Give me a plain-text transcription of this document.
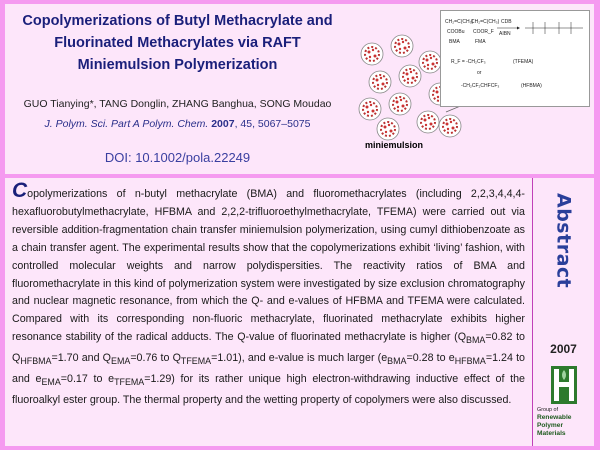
Copolymerizations of Butyl Methacrylate and
Fluorinated Methacrylates via RAFT
Miniemulsion Polymerization
GUO Tianying*, TANG Donglin, ZHANG Banghua, SONG Moudao
J. Polym. Sci. Part A Polym. Chem. 2007, 45, 5067–5075
DOI: 10.1002/pola.22249
CH₂=C(CH₃)
COOBu
BMA
CH₂=C(CH₃)
COOR_F
FMA
CDB
AIBN
R_F = -CH₂CF₃	(TFEMA)
or
-CH₂CF₂CHFCF₃	(HFBMA)
miniemulsion
Copolymerizations of n-butyl methacrylate (BMA) and fluoromethacrylates (including 2,2,3,4,4,4-hexafluorobutylmethacrylate, HFBMA and 2,2,2-trifluoroethylmethacrylate, TFEMA) were carried out via reversible addition-fragmentation chain transfer miniemulsion polymerization, using cumyl dithiobenzoate as a chain transfer agent. The experimental results show that the copolymerizations exhibit ‘living’ fashion, with controlled molecular weights and narrow polydispersities. The reactivity ratios of BMA and fluoromethacrylate in this kind of polymerization system were investigated by size exclusion chromatography and nuclear magnetic resonance, from which the Q- and e-values of HFBMA and TFEMA were calculated. Compared with its corresponding non-fluoric methacrylate, fluorinated methacrylate exhibits higher resonance stability of the radical adducts. The Q-value of fluorinated methacrylate is higher ($Q_{BMA}=0.82$ to $Q_{HFBMA}=1.70$ and $Q_{EMA}=0.76$ to $Q_{TFEMA}=1.01$), and e-value is much larger ($e_{BMA}=0.28$ to $e_{HFBMA}=1.24$ to and $e_{EMA}=0.17$ to $e_{TFEMA}=1.29$) for its rather unique high electron-withdrawing inductive effect of the fluoroalkyl ester group. The thermal property and the wetting property of copolymers were also discussed.
Abstract
2007
Group of
Renewable
Polymer
Materials
